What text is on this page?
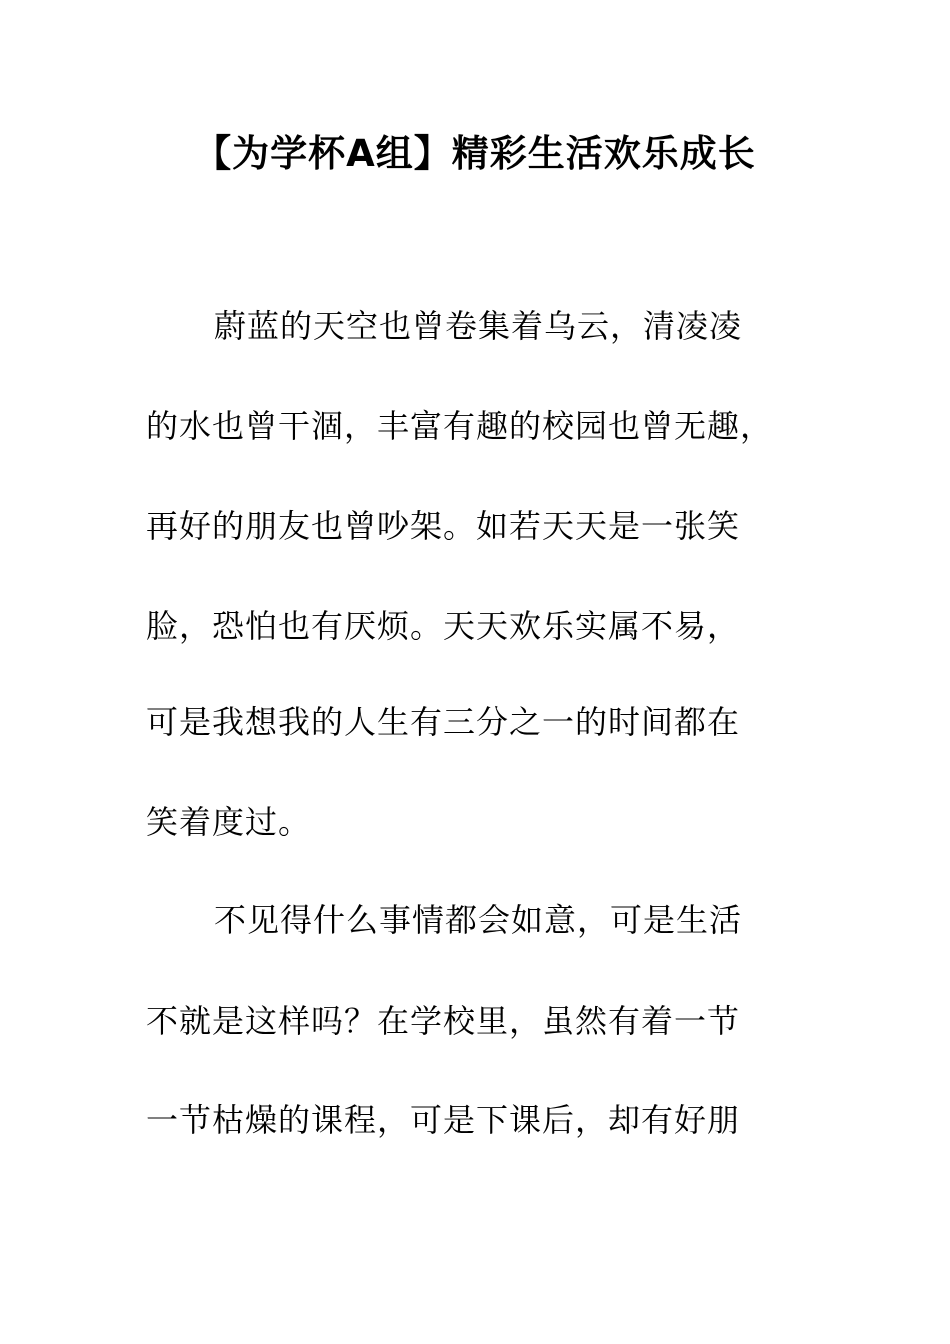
【为学杯A组】精彩生活欢乐成长
蔚蓝的天空也曾卷集着乌云，清凌凌
的水也曾干涸，丰富有趣的校园也曾无趣，
再好的朋友也曾吵架。如若天天是一张笑
脸，恐怕也有厌烦。天天欢乐实属不易，
可是我想我的人生有三分之一的时间都在
笑着度过。
不见得什么事情都会如意，可是生活
不就是这样吗？在学校里，虽然有着一节
一节枯燥的课程，可是下课后，却有好朋
